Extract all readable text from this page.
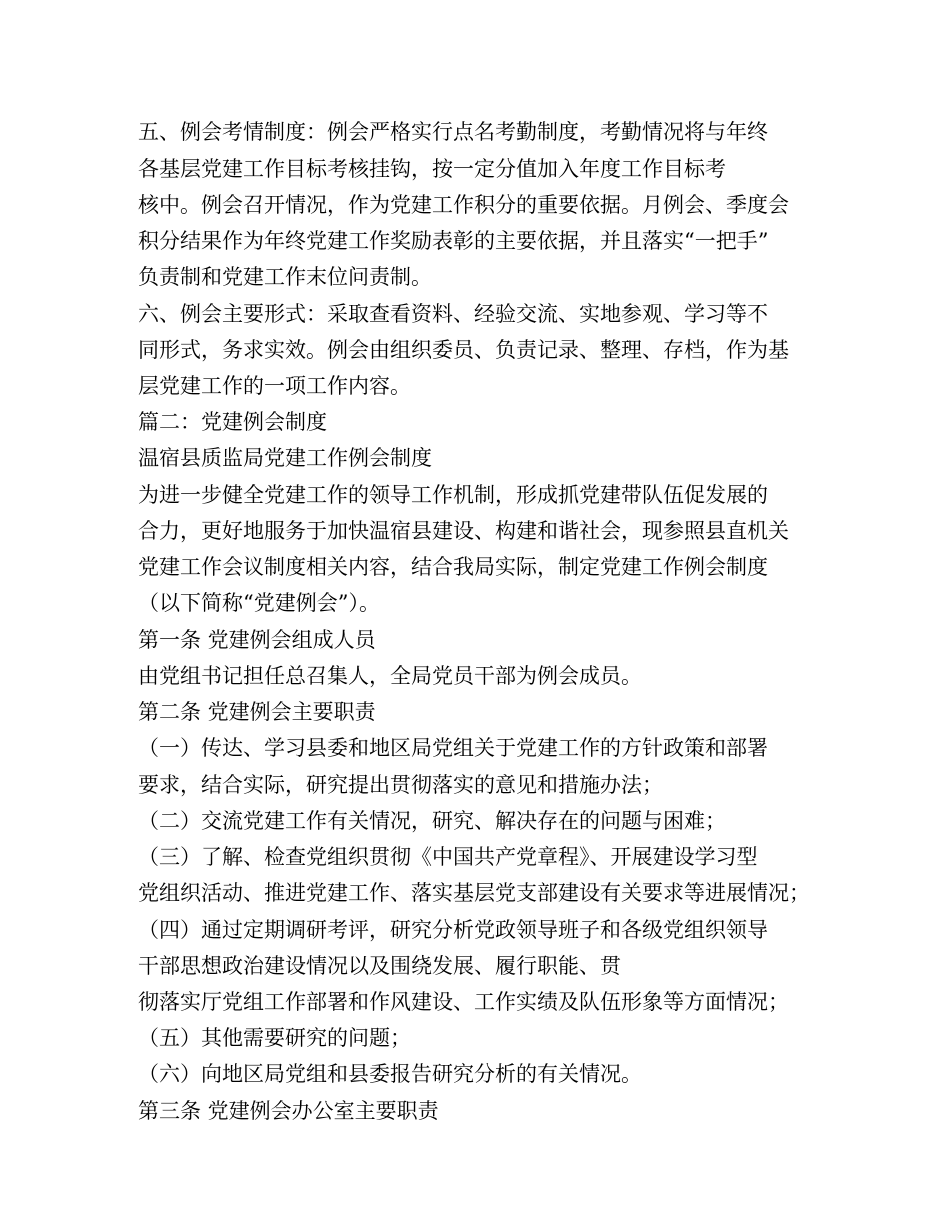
五、例会考情制度：例会严格实行点名考勤制度，考勤情况将与年终
各基层党建工作目标考核挂钩，按一定分值加入年度工作目标考
核中。例会召开情况，作为党建工作积分的重要依据。月例会、季度会
积分结果作为年终党建工作奖励表彰的主要依据，并且落实“一把手”
负责制和党建工作末位问责制。
六、例会主要形式：采取查看资料、经验交流、实地参观、学习等不
同形式，务求实效。例会由组织委员、负责记录、整理、存档，作为基
层党建工作的一项工作内容。
篇二：党建例会制度
温宿县质监局党建工作例会制度
为进一步健全党建工作的领导工作机制，形成抓党建带队伍促发展的
合力，更好地服务于加快温宿县建设、构建和谐社会，现参照县直机关
党建工作会议制度相关内容，结合我局实际，制定党建工作例会制度
（以下简称“党建例会”）。
第一条 党建例会组成人员
由党组书记担任总召集人，全局党员干部为例会成员。
第二条 党建例会主要职责
（一）传达、学习县委和地区局党组关于党建工作的方针政策和部署
要求，结合实际，研究提出贯彻落实的意见和措施办法；
（二）交流党建工作有关情况，研究、解决存在的问题与困难；
（三）了解、检查党组织贯彻《中国共产党章程》、开展建设学习型
党组织活动、推进党建工作、落实基层党支部建设有关要求等进展情况；
（四）通过定期调研考评，研究分析党政领导班子和各级党组织领导
干部思想政治建设情况以及围绕发展、履行职能、贯
彻落实厅党组工作部署和作风建设、工作实绩及队伍形象等方面情况；
（五）其他需要研究的问题；
（六）向地区局党组和县委报告研究分析的有关情况。
第三条 党建例会办公室主要职责
